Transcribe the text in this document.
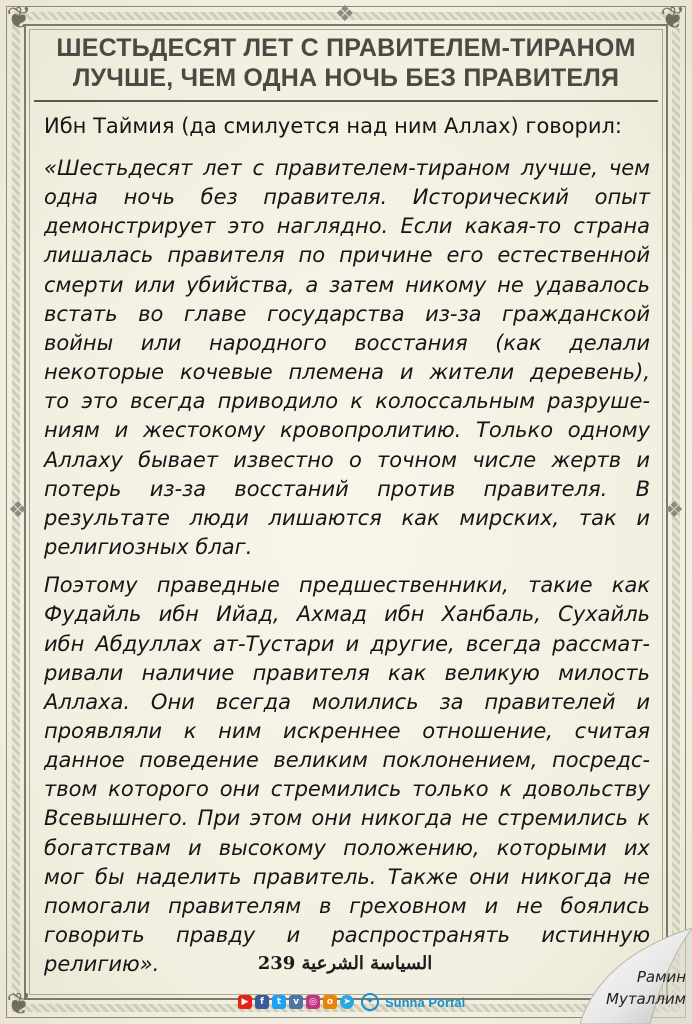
❦	❦
❦
❖	❖
❖
ШЕСТЬДЕСЯТ ЛЕТ С ПРАВИТЕЛЕМ-ТИРАНОМ
ЛУЧШЕ, ЧЕМ ОДНА НОЧЬ БЕЗ ПРАВИТЕЛЯ
Ибн Таймия (да смилуется над ним Аллах) говорил:

«Шестьдесят лет с правителем-тираном лучше, чем
одна ночь без правителя. Исторический опыт
демонстрирует это наглядно. Если какая-то страна
лишалась правителя по причине его естественной
смерти или убийства, а затем никому не удавалось
встать во главе государства из-за гражданской
войны или народного восстания (как делали
некоторые кочевые племена и жители деревень),
то это всегда приводило к колоссальным разруше-
ниям и жестокому кровопролитию. Только одному
Аллаху бывает известно о точном числе жертв и
потерь из-за восстаний против правителя. В
результате люди лишаются как мирских, так и
религиозных благ.

Поэтому праведные предшественники, такие как
Фудайль ибн Ийад, Ахмад ибн Ханбаль, Сухайль
ибн Абдуллах ат-Тустари и другие, всегда рассмат-
ривали наличие правителя как великую милость
Аллаха. Они всегда молились за правителей и
проявляли к ним искреннее отношение, считая
данное поведение великим поклонением, посредс-
твом которого они стремились только к довольству
Всевышнего. При этом они никогда не стремились к
богатствам и высокому положению, которыми их
мог бы наделить правитель. Также они никогда не
помогали правителям в греховном и не боялись
говорить правду и распространять истинную
религию».	السياسة الشرعية 239
▶	f	t	v	◎	o	➤	✦ Sunna Portal
Рамин
Муталлим
